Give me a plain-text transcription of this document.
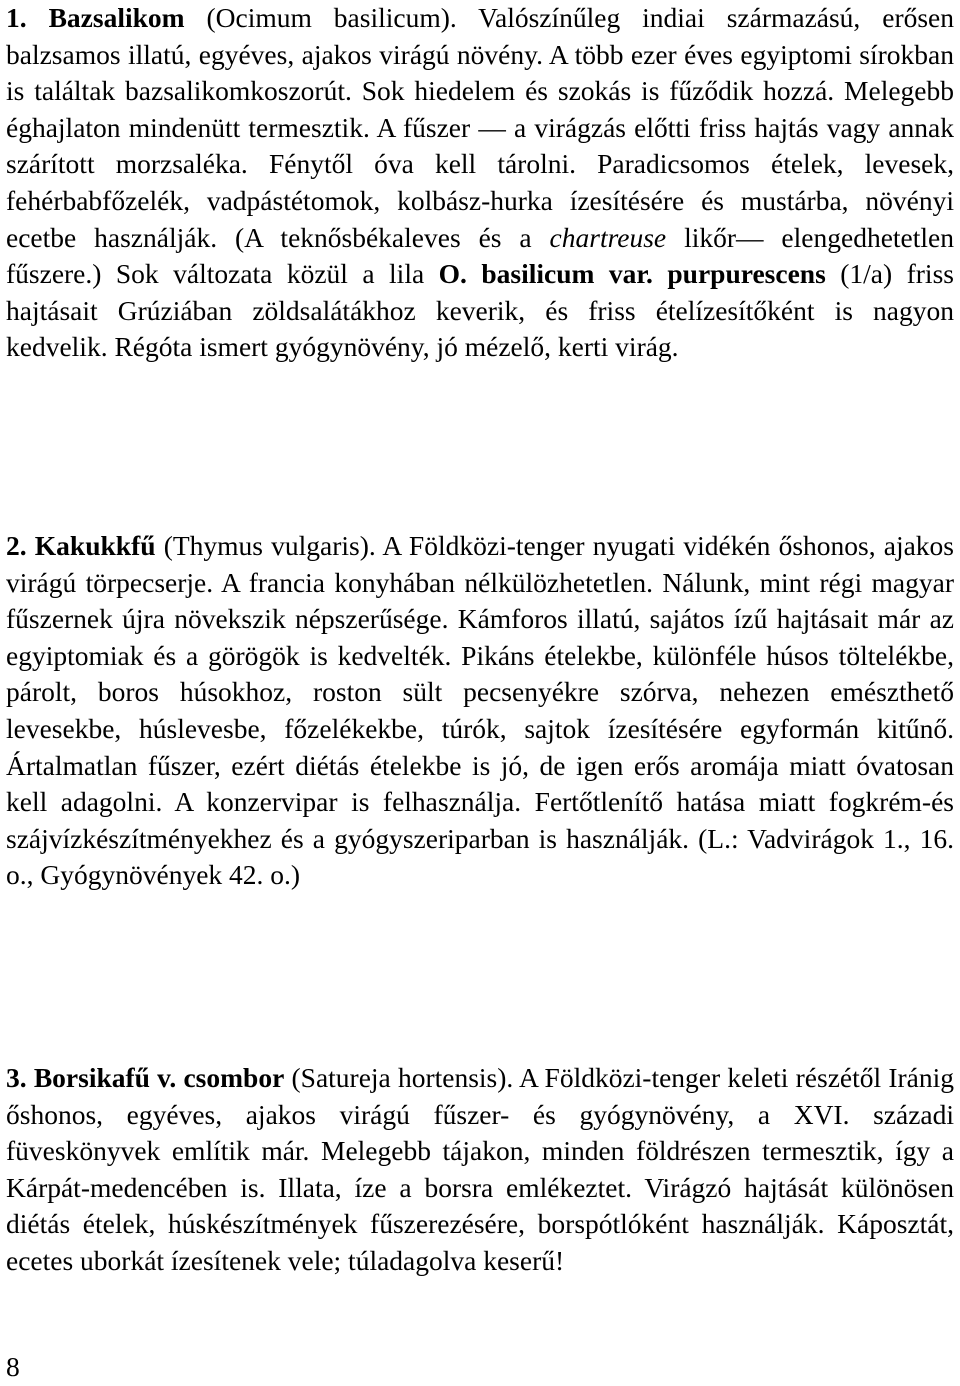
1. Bazsalikom (Ocimum basilicum). Valószínűleg indiai származású, erősen balzsamos illatú, egyéves, ajakos virágú növény. A több ezer éves egyiptomi sírokban is találtak bazsalikomkoszorút. Sok hiedelem és szokás is fűződik hozzá. Melegebb éghajlaton mindenütt termesztik. A fűszer — a virágzás előtti friss hajtás vagy annak szárított morzsaléka. Fénytől óva kell tárolni. Paradicsomos ételek, levesek, fehérbabfőzelék, vadpástétomok, kolbász-hurka ízesítésére és mustárba, növényi ecetbe használják. (A teknősbékaleves és a chartreuse likőr— elengedhetetlen fűszere.) Sok változata közül a lila O. basilicum var. purpurescens (1/a) friss hajtásait Grúziában zöldsalátákhoz keverik, és friss ételízesítőként is nagyon kedvelik. Régóta ismert gyógynövény, jó mézelő, kerti virág.

2. Kakukkfű (Thymus vulgaris). A Földközi-tenger nyugati vidékén őshonos, ajakos virágú törpecserje. A francia konyhában nélkülözhetetlen. Nálunk, mint régi magyar fűszernek újra növekszik népszerűsége. Kámforos illatú, sajátos ízű hajtásait már az egyiptomiak és a görögök is kedvelték. Pikáns ételekbe, különféle húsos töltelékbe, párolt, boros húsokhoz, roston sült pecsenyékre szórva, nehezen emészthető levesekbe, húslevesbe, főzelékekbe, túrók, sajtok ízesítésére egyformán kitűnő. Ártalmatlan fűszer, ezért diétás ételekbe is jó, de igen erős aromája miatt óvatosan kell adagolni. A konzervipar is felhasználja. Fertőtlenítő hatása miatt fogkrém-és szájvízkészítményekhez és a gyógyszeriparban is használják. (L.: Vadvirágok 1., 16. o., Gyógynövények 42. o.)

3. Borsikafű v. csombor (Satureja hortensis). A Földközi-tenger keleti részétől Iránig őshonos, egyéves, ajakos virágú fűszer- és gyógynövény, a XVI. századi füveskönyvek említik már. Melegebb tájakon, minden földrészen termesztik, így a Kárpát-medencében is. Illata, íze a borsra emlékeztet. Virágzó hajtását különösen diétás ételek, húskészítmények fűszerezésére, borspótlóként használják. Káposztát, ecetes uborkát ízesítenek vele; túladagolva keserű!

8
